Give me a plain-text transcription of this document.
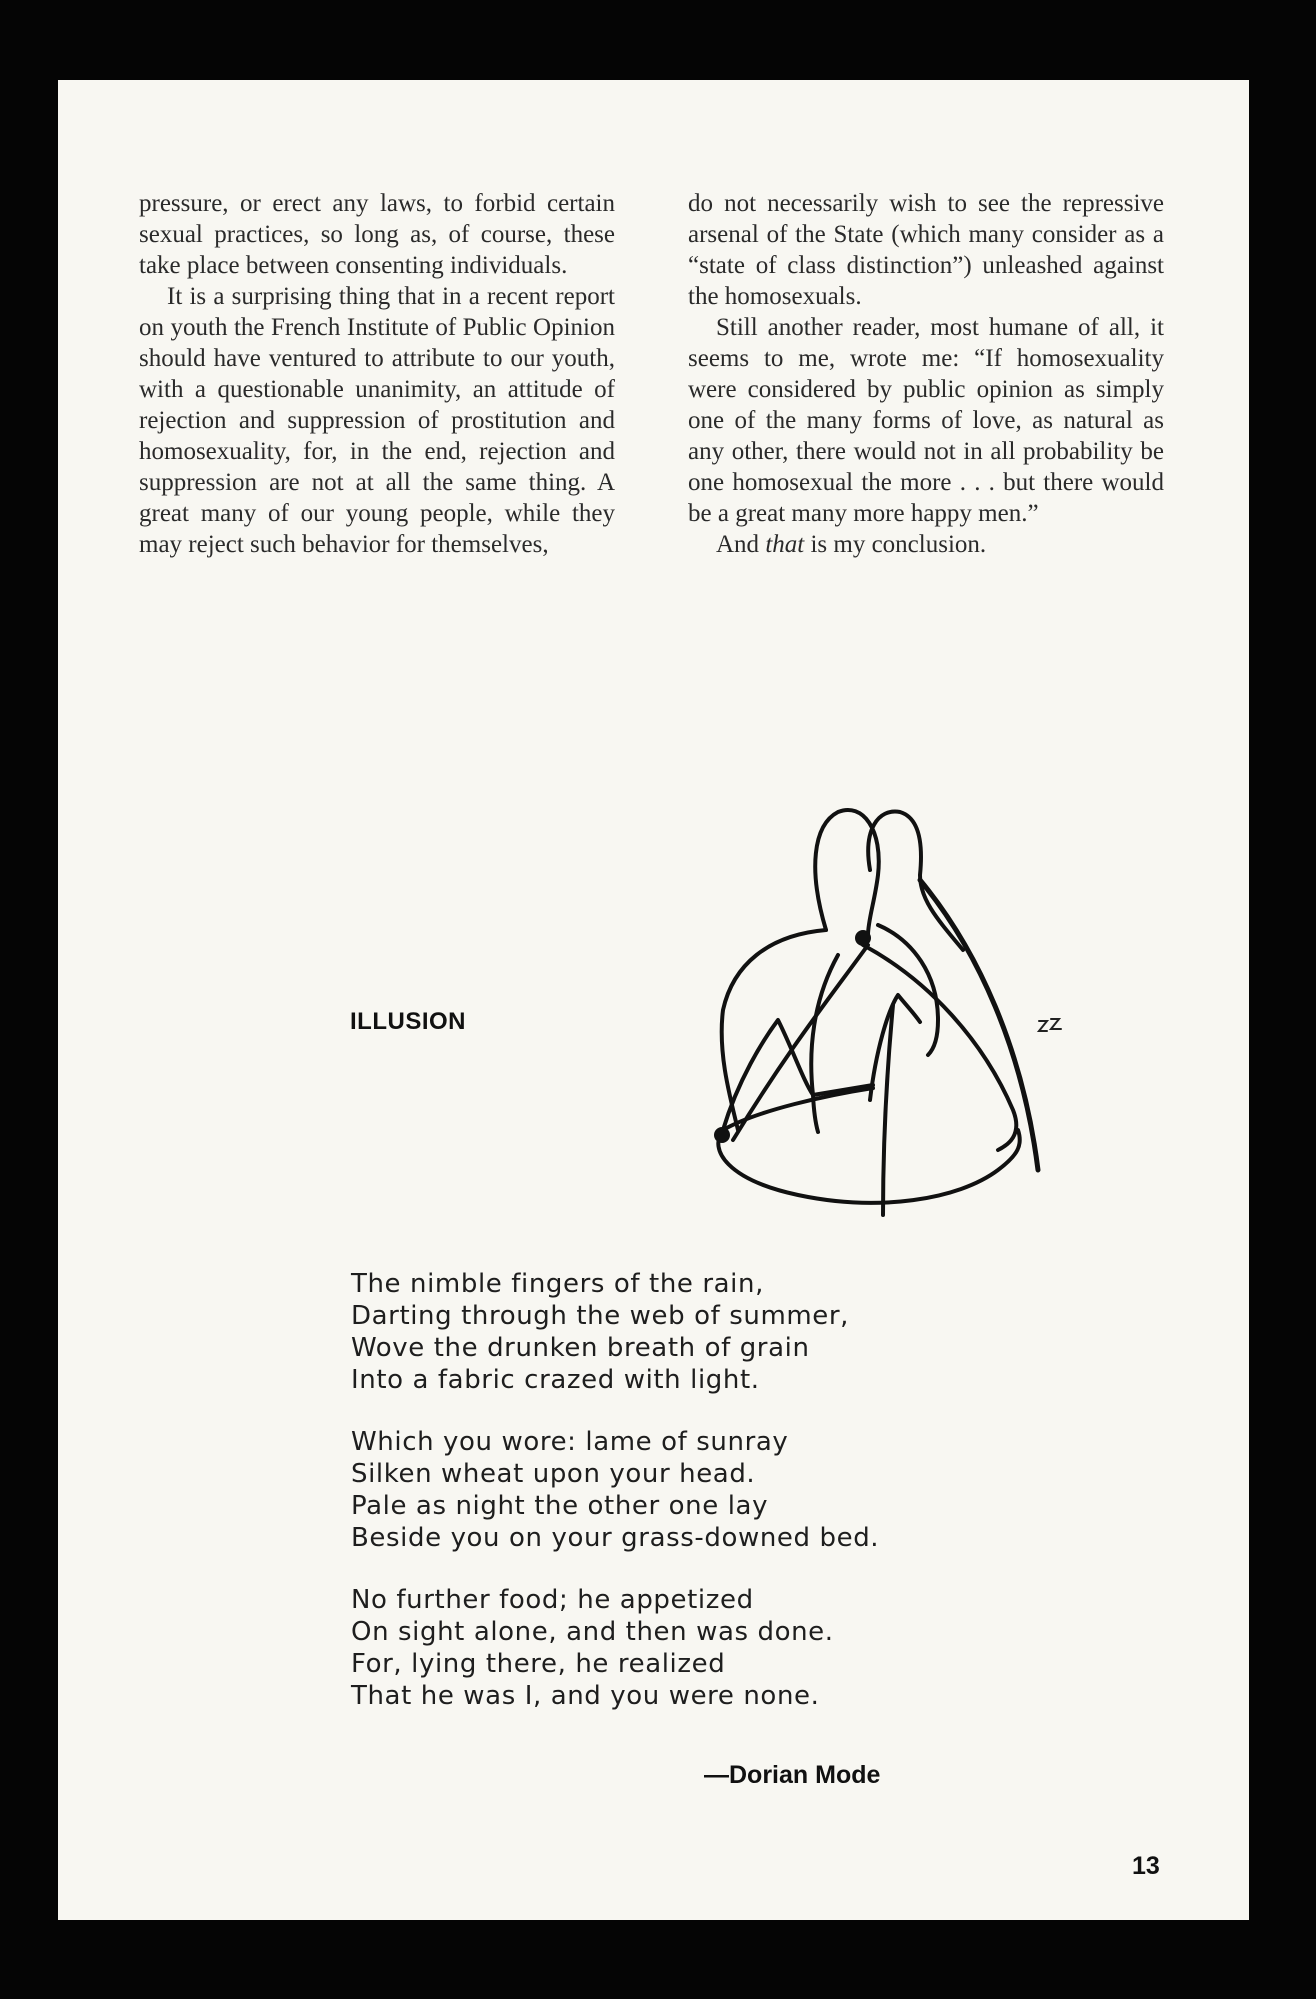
pressure, or erect any laws, to forbid certain sexual practices, so long as, of course, these take place between consenting individuals.

It is a surprising thing that in a recent report on youth the French Institute of Public Opinion should have ventured to attribute to our youth, with a questionable unanimity, an attitude of rejection and suppression of prostitution and homosexuality, for, in the end, rejection and suppression are not at all the same thing. A great many of our young people, while they may reject such behavior for themselves,

do not necessarily wish to see the repressive arsenal of the State (which many consider as a “state of class distinction”) unleashed against the homosexuals.

Still another reader, most humane of all, it seems to me, wrote me: “If homosexuality were considered by public opinion as simply one of the many forms of love, as natural as any other, there would not in all probability be one homosexual the more . . . but there would be a great many more happy men.”

And that is my conclusion.

ILLUSION
The nimble fingers of the rain,
Darting through the web of summer,
Wove the drunken breath of grain
Into a fabric crazed with light.
Which you wore: lame of sunray
Silken wheat upon your head.
Pale as night the other one lay
Beside you on your grass-downed bed.
No further food; he appetized
On sight alone, and then was done.
For, lying there, he realized
That he was I, and you were none.
—Dorian Mode
13
